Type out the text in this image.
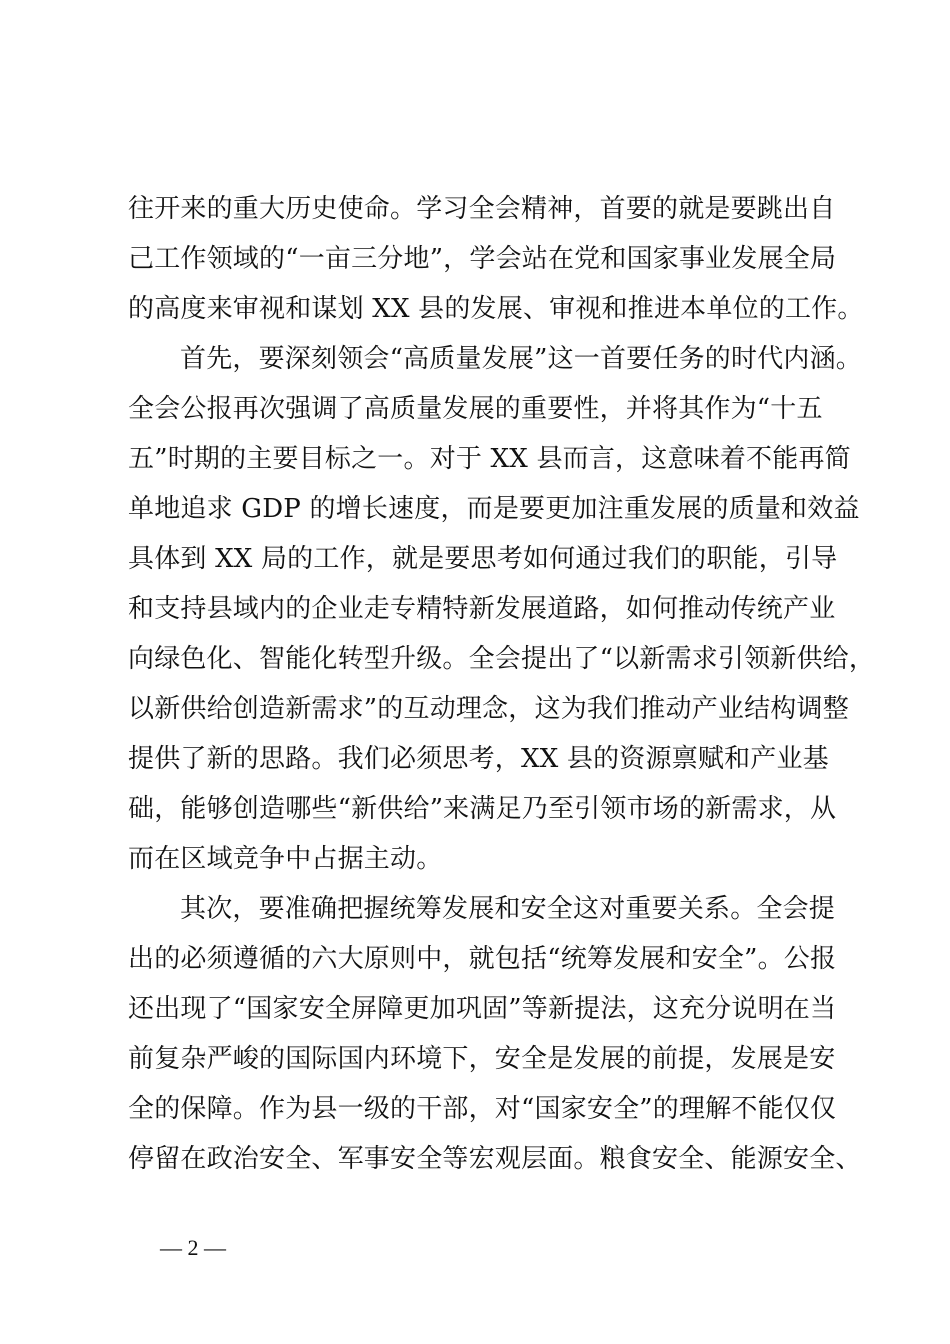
往开来的重大历史使命。学习全会精神，首要的就是要跳出自
己工作领域的“一亩三分地”，学会站在党和国家事业发展全局
的高度来审视和谋划 XX 县的发展、审视和推进本单位的工作。
首先，要深刻领会“高质量发展”这一首要任务的时代内涵。
全会公报再次强调了高质量发展的重要性，并将其作为“十五
五”时期的主要目标之一。对于 XX 县而言，这意味着不能再简
单地追求 GDP 的增长速度，而是要更加注重发展的质量和效益
具体到 XX 局的工作，就是要思考如何通过我们的职能，引导
和支持县域内的企业走专精特新发展道路，如何推动传统产业
向绿色化、智能化转型升级。全会提出了“以新需求引领新供给，
以新供给创造新需求”的互动理念，这为我们推动产业结构调整
提供了新的思路。我们必须思考，XX 县的资源禀赋和产业基
础，能够创造哪些“新供给”来满足乃至引领市场的新需求，从
而在区域竞争中占据主动。
其次，要准确把握统筹发展和安全这对重要关系。全会提
出的必须遵循的六大原则中，就包括“统筹发展和安全”。公报
还出现了“国家安全屏障更加巩固”等新提法，这充分说明在当
前复杂严峻的国际国内环境下，安全是发展的前提，发展是安
全的保障。作为县一级的干部，对“国家安全”的理解不能仅仅
停留在政治安全、军事安全等宏观层面。粮食安全、能源安全、
— 2 —
